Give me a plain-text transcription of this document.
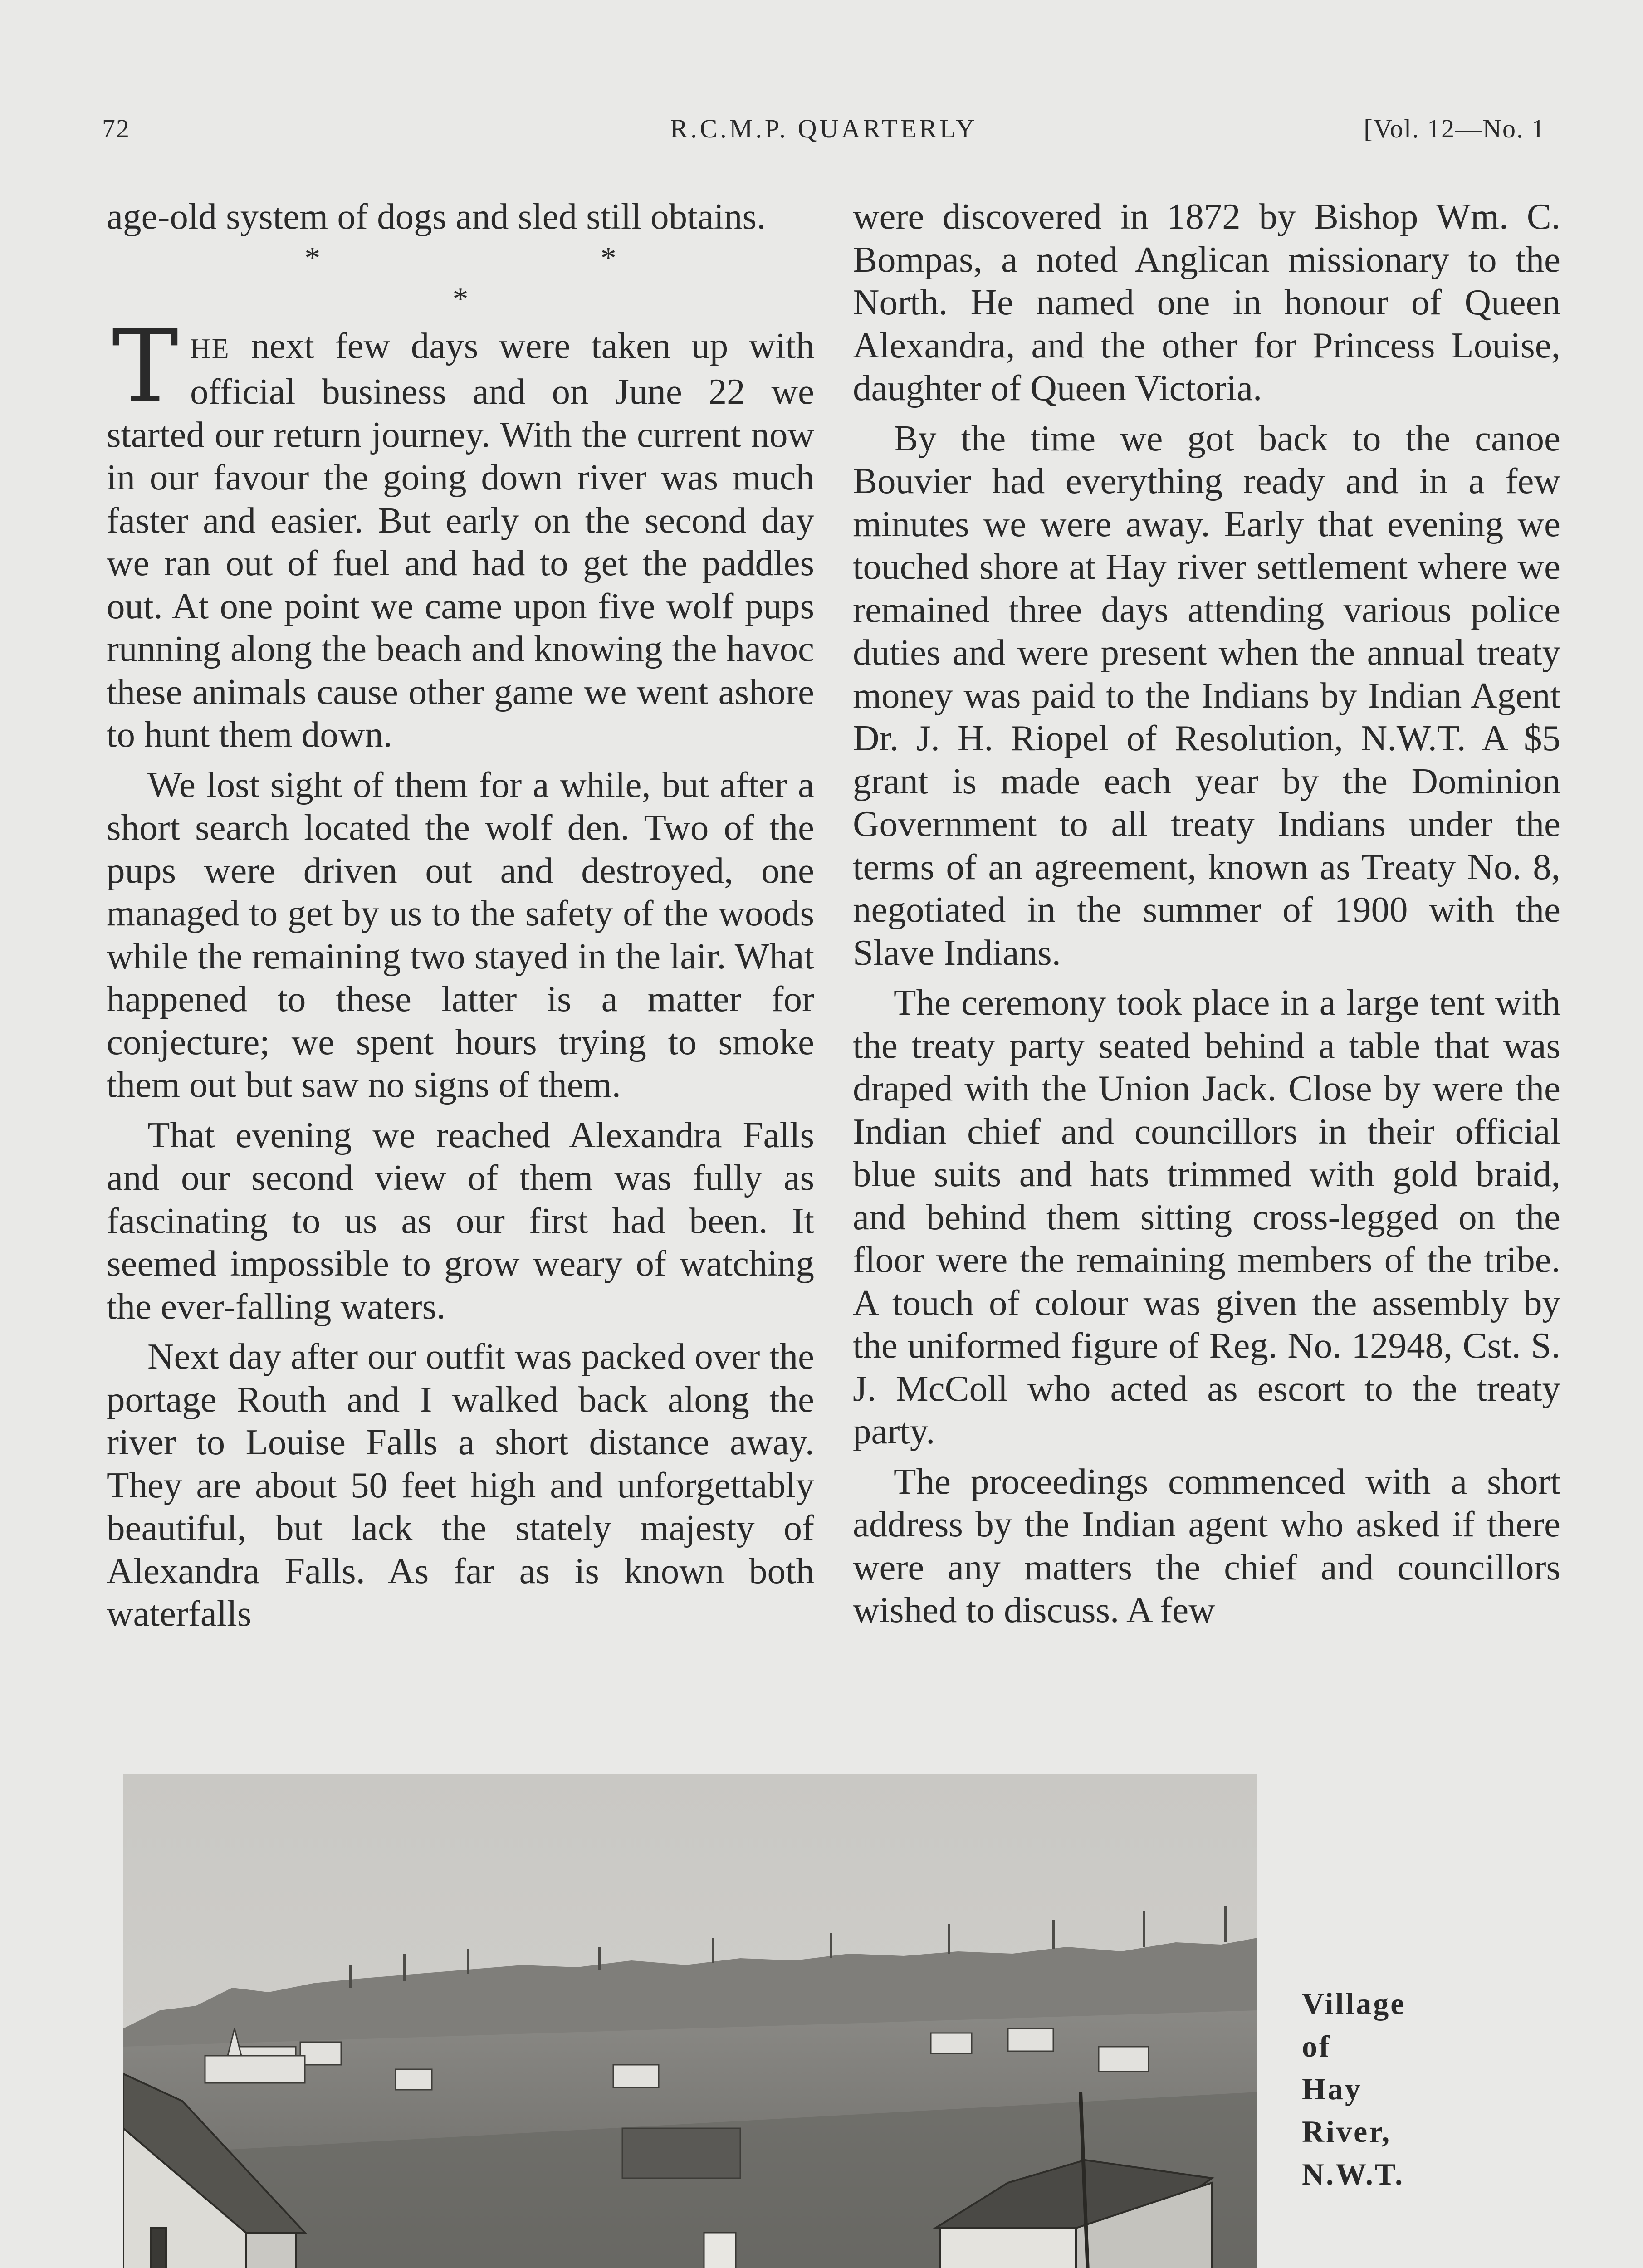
72	R.C.M.P. QUARTERLY	[Vol. 12—No. 1

age-old system of dogs and sled still obtains.

* * *

THE next few days were taken up with official business and on June 22 we started our return journey. With the current now in our favour the going down river was much faster and easier. But early on the second day we ran out of fuel and had to get the paddles out. At one point we came upon five wolf pups running along the beach and knowing the havoc these animals cause other game we went ashore to hunt them down.

We lost sight of them for a while, but after a short search located the wolf den. Two of the pups were driven out and destroyed, one managed to get by us to the safety of the woods while the remaining two stayed in the lair. What happened to these latter is a matter for conjecture; we spent hours trying to smoke them out but saw no signs of them.

That evening we reached Alexandra Falls and our second view of them was fully as fascinating to us as our first had been. It seemed impossible to grow weary of watching the ever-falling waters.

Next day after our outfit was packed over the portage Routh and I walked back along the river to Louise Falls a short distance away. They are about 50 feet high and unforgettably beautiful, but lack the stately majesty of Alexandra Falls. As far as is known both waterfalls

were discovered in 1872 by Bishop Wm. C. Bompas, a noted Anglican missionary to the North. He named one in honour of Queen Alexandra, and the other for Princess Louise, daughter of Queen Victoria.

By the time we got back to the canoe Bouvier had everything ready and in a few minutes we were away. Early that evening we touched shore at Hay river settlement where we remained three days attending various police duties and were present when the annual treaty money was paid to the Indians by Indian Agent Dr. J. H. Riopel of Resolution, N.W.T. A $5 grant is made each year by the Dominion Government to all treaty Indians under the terms of an agreement, known as Treaty No. 8, negotiated in the summer of 1900 with the Slave Indians.

The ceremony took place in a large tent with the treaty party seated behind a table that was draped with the Union Jack. Close by were the Indian chief and councillors in their official blue suits and hats trimmed with gold braid, and behind them sitting cross-legged on the floor were the remaining members of the tribe. A touch of colour was given the assembly by the uniformed figure of Reg. No. 12948, Cst. S. J. McColl who acted as escort to the treaty party.

The proceedings commenced with a short address by the Indian agent who asked if there were any matters the chief and councillors wished to discuss. A few

Village
of
Hay
River,
N.W.T.
